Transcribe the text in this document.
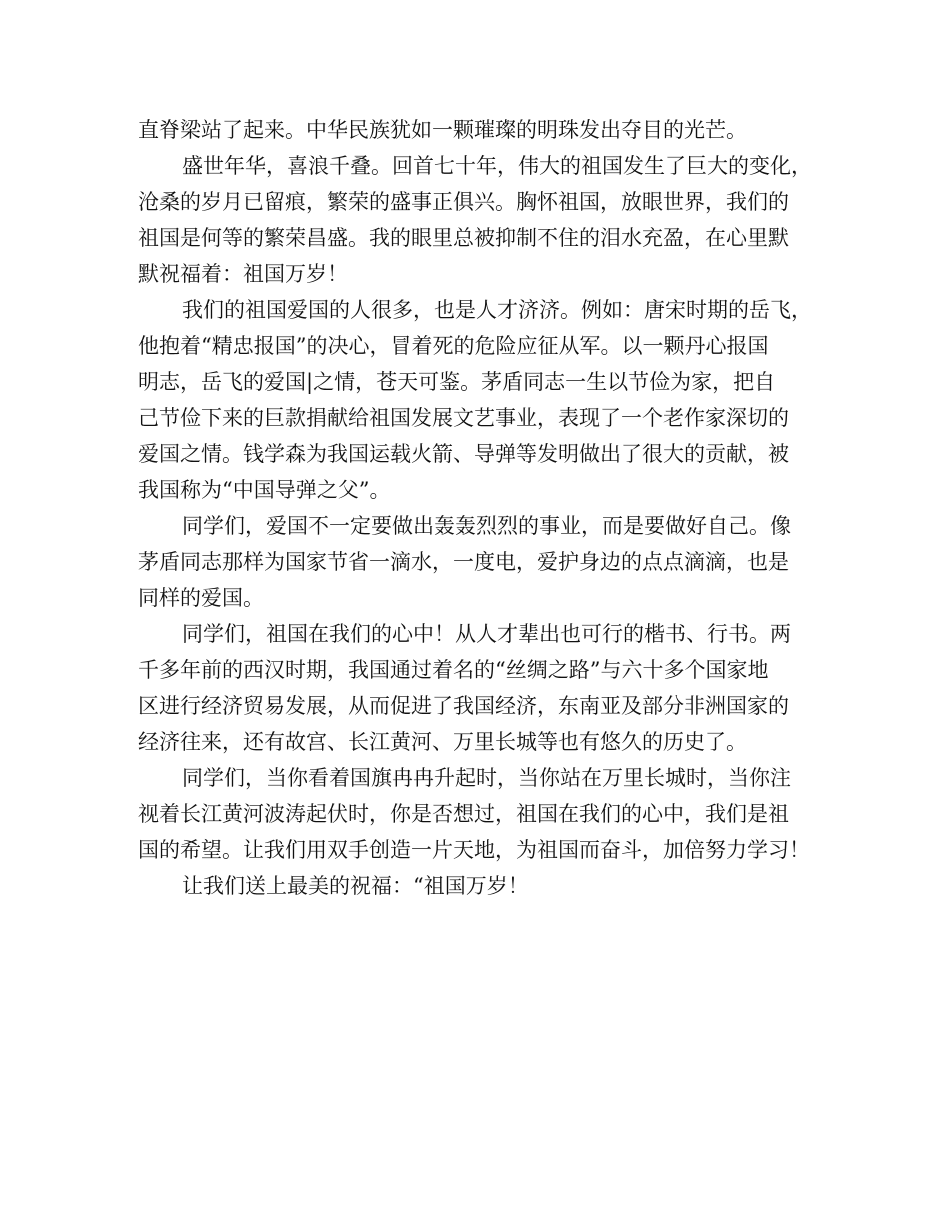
直脊梁站了起来。中华民族犹如一颗璀璨的明珠发出夺目的光芒。
盛世年华，喜浪千叠。回首七十年，伟大的祖国发生了巨大的变化，
沧桑的岁月已留痕，繁荣的盛事正俱兴。胸怀祖国，放眼世界，我们的
祖国是何等的繁荣昌盛。我的眼里总被抑制不住的泪水充盈，在心里默
默祝福着：祖国万岁！
我们的祖国爱国的人很多，也是人才济济。例如：唐宋时期的岳飞，
他抱着“精忠报国”的决心，冒着死的危险应征从军。以一颗丹心报国
明志，岳飞的爱国|之情，苍天可鉴。茅盾同志一生以节俭为家，把自
己节俭下来的巨款捐献给祖国发展文艺事业，表现了一个老作家深切的
爱国之情。钱学森为我国运载火箭、导弹等发明做出了很大的贡献，被
我国称为“中国导弹之父”。
同学们，爱国不一定要做出轰轰烈烈的事业，而是要做好自己。像
茅盾同志那样为国家节省一滴水，一度电，爱护身边的点点滴滴，也是
同样的爱国。
同学们，祖国在我们的心中！从人才辈出也可行的楷书、行书。两
千多年前的西汉时期，我国通过着名的“丝绸之路”与六十多个国家地
区进行经济贸易发展，从而促进了我国经济，东南亚及部分非洲国家的
经济往来，还有故宫、长江黄河、万里长城等也有悠久的历史了。
同学们，当你看着国旗冉冉升起时，当你站在万里长城时，当你注
视着长江黄河波涛起伏时，你是否想过，祖国在我们的心中，我们是祖
国的希望。让我们用双手创造一片天地，为祖国而奋斗，加倍努力学习！
让我们送上最美的祝福：“祖国万岁！
